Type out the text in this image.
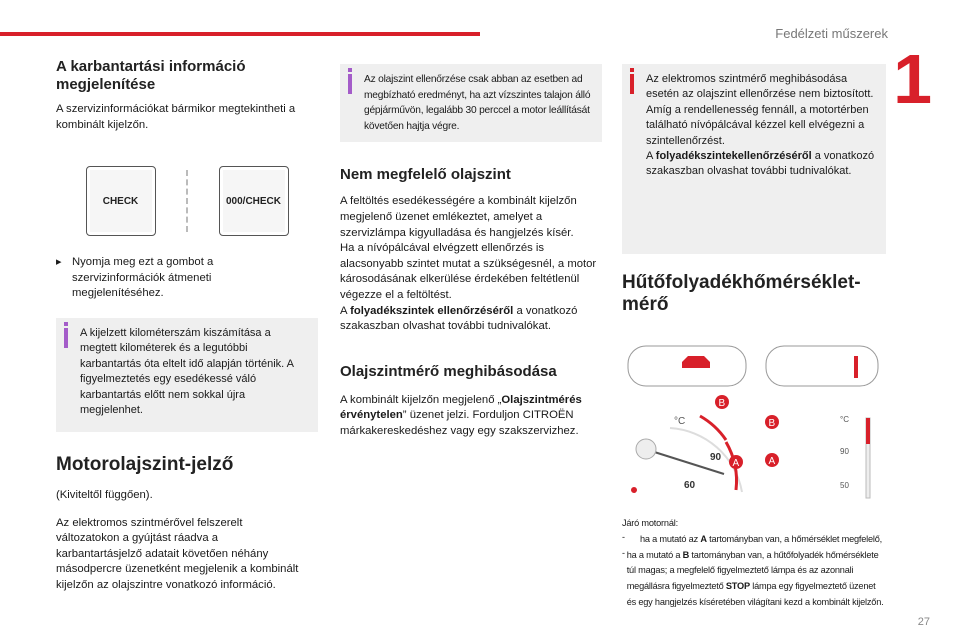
Fedélzeti műszerek
1
27
A karbantartási információ megjelenítése

A szervizinformációkat bármikor megtekintheti a kombinált kijelzőn.

CHECK	000/CHECK
▸ Nyomja meg ezt a gombot a szervizinformációk átmeneti megjelenítéséhez.

A kijelzett kilométerszám kiszámítása a megtett kilométerek és a legutóbbi karbantartás óta eltelt idő alapján történik. A figyelmeztetés egy esedékessé váló karbantartás előtt nem sokkal újra megjelenhet.

Motorolajszint-jelző

(Kiviteltől függően).

Az elektromos szintmérővel felszerelt változatokon a gyújtást ráadva a karbantartásjelző adatait követően néhány másodpercre üzenetként megjelenik a kombinált kijelzőn az olajszintre vonatkozó információ.

Az olajszint ellenőrzése csak abban az esetben ad megbízható eredményt, ha azt vízszintes talajon álló gépjárművön, legalább 30 perccel a motor leállítását követően hajtja végre.

Nem megfelelő olajszint

A feltöltés esedékességére a kombinált kijelzőn megjelenő üzenet emlékeztet, amelyet a szervizlámpa kigyulladása és hangjelzés kísér.

Ha a nívópálcával elvégzett ellenőrzés is alacsonyabb szintet mutat a szükségesnél, a motor károsodásának elkerülése érdekében feltétlenül végezze el a feltöltést.

A folyadékszintek ellenőrzéséről a vonatkozó szakaszban olvashat további tudnivalókat.

Olajszintmérő meghibásodása

A kombinált kijelzőn megjelenő „Olajszintmérés érvénytelen” üzenet jelzi. Forduljon CITROËN márkakereskedéshez vagy egy szakszervizhez.

Az elektromos szintmérő meghibásodása esetén az olajszint ellenőrzése nem biztosított.

Amíg a rendellenesség fennáll, a motortérben található nívópálcával kézzel kell elvégezni a szintellenőrzést.

A folyadékszintekellenőrzéséről a vonatkozó szakaszban olvashat további tudnivalókat.

Hűtőfolyadékhőmérséklet-mérő
°C
90
60
B
A
°C
90
50
B
A

Járó motornál:

-	ha a mutató az A tartományban van, a hőmérséklet megfelelő,

- ha a mutató a B tartományban van, a hűtőfolyadék hőmérséklete túl magas; a megfelelő figyelmeztető lámpa és az azonnali megállásra figyelmeztető STOP lámpa egy figyelmeztető üzenet és egy hangjelzés kíséretében világítani kezd a kombinált kijelzőn.
